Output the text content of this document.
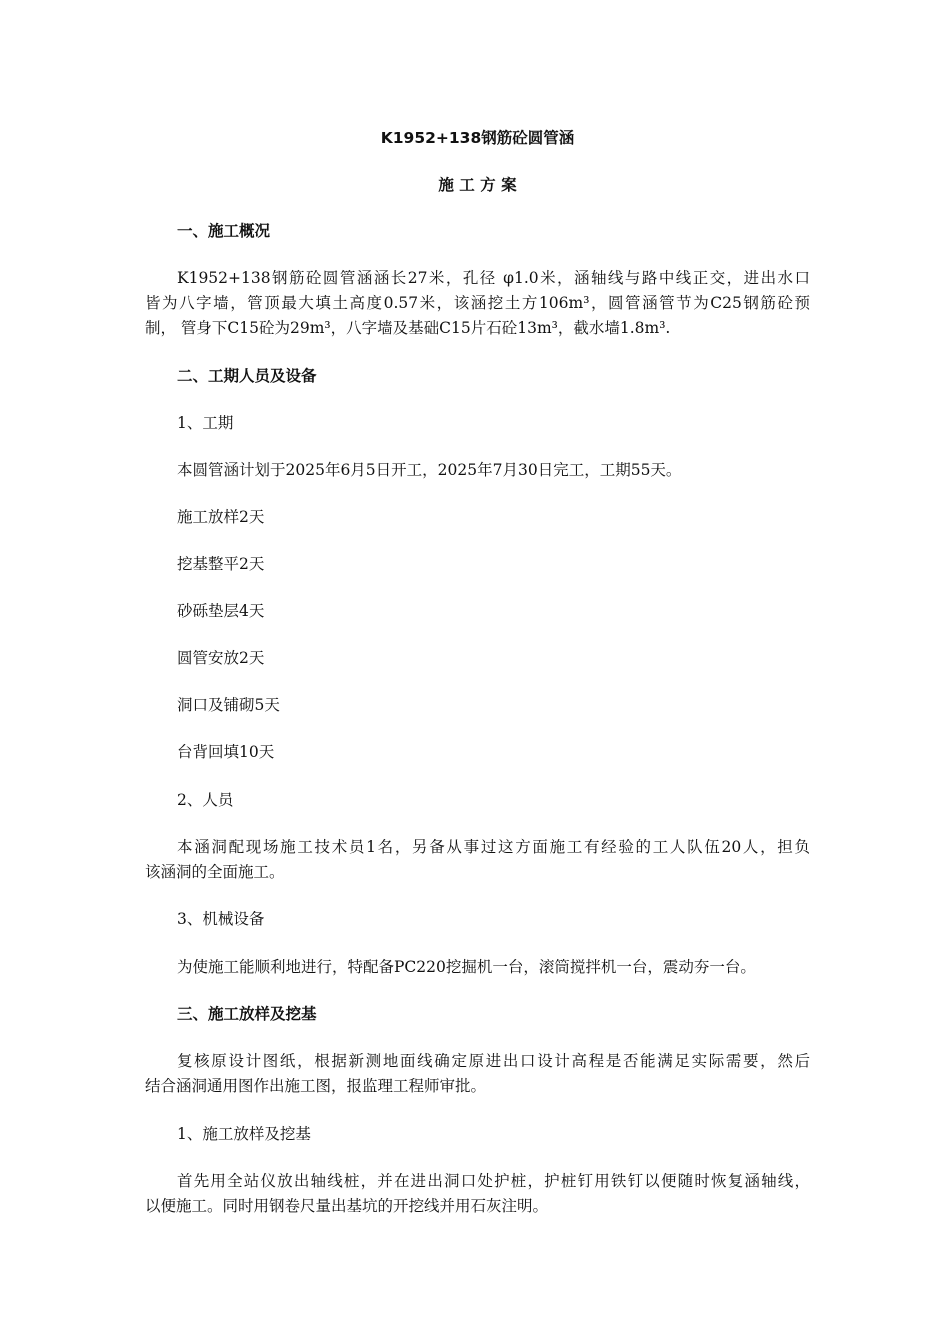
K1952+138钢筋砼圆管涵
施 工 方 案
一、施工概况
K1952+138钢筋砼圆管涵涵长27米，孔径 φ1.0米，涵轴线与路中线正交，进出水口
皆为八字墙，管顶最大填土高度0.57米，该涵挖土方106m³，圆管涵管节为C25钢筋砼预
制， 管身下C15砼为29m³，八字墙及基础C15片石砼13m³，截水墙1.8m³.
二、工期人员及设备
1、工期
本圆管涵计划于2025年6月5日开工，2025年7月30日完工，工期55天。
施工放样2天
挖基整平2天
砂砾垫层4天
圆管安放2天
洞口及铺砌5天
台背回填10天
2、人员
本涵洞配现场施工技术员1名，另备从事过这方面施工有经验的工人队伍20人，担负
该涵洞的全面施工。
3、机械设备
为使施工能顺利地进行，特配备PC220挖掘机一台，滚筒搅拌机一台，震动夯一台。
三、施工放样及挖基
复核原设计图纸，根据新测地面线确定原进出口设计高程是否能满足实际需要，然后
结合涵洞通用图作出施工图，报监理工程师审批。
1、施工放样及挖基
首先用全站仪放出轴线桩，并在进出洞口处护桩，护桩钉用铁钉以便随时恢复涵轴线，
以便施工。同时用钢卷尺量出基坑的开挖线并用石灰注明。
